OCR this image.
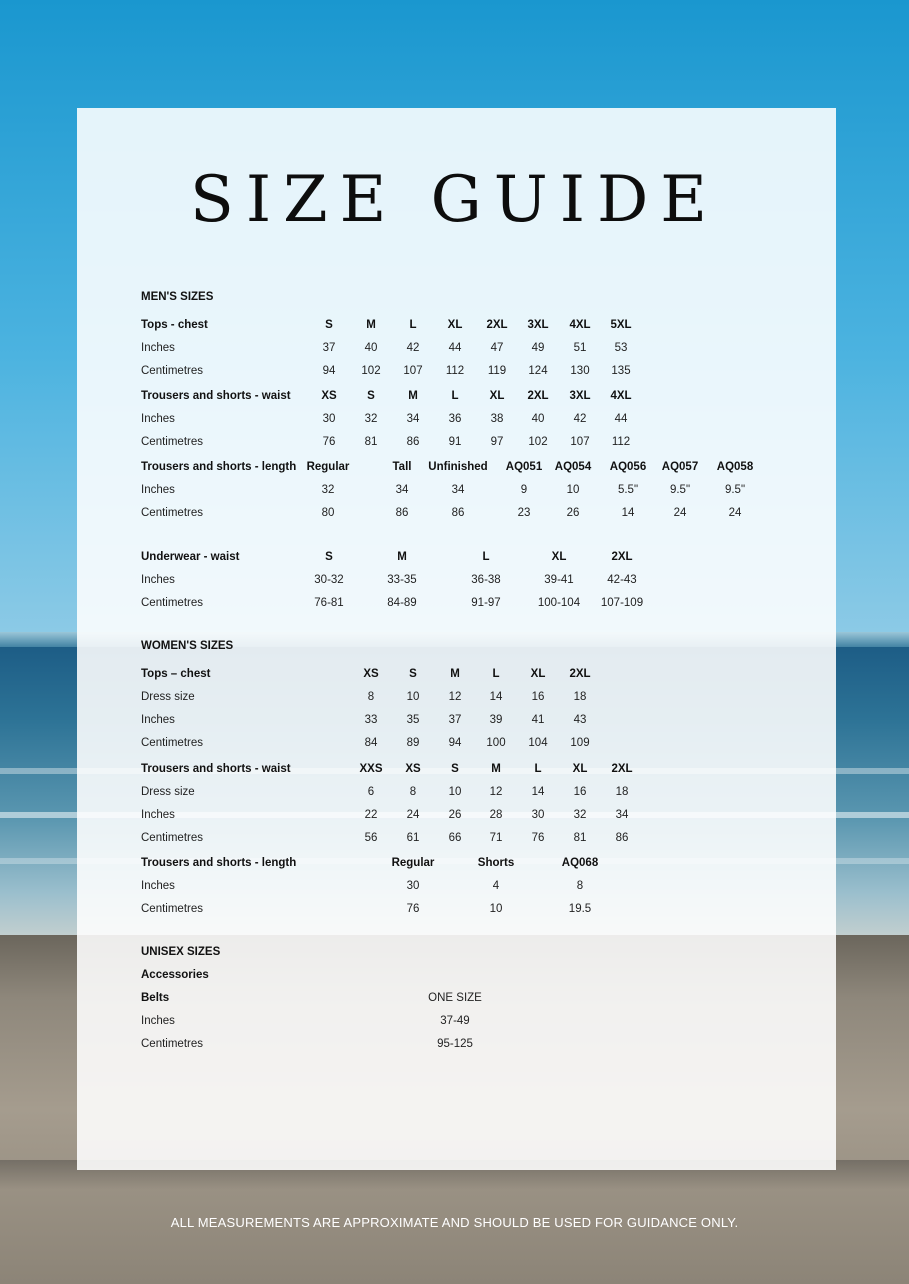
SIZE GUIDE
MEN'S SIZES
Tops - chest	S	M	L	XL 2XL 3XL 4XL 5XL
Inches	37	40	42	44	47 49	51 53
Centimetres	94 102 107 112 119 124 130 135
Trousers and shorts - waist	XS	S	M	L	XL 2XL 3XL 4XL
Inches	30	32	34	36	38 40	42 44
Centimetres	76	81	86	91	97 102 107 112
Trousers and shorts - length Regular	Tall Unfinished AQ051 AQ054 AQ056 AQ057 AQ058
Inches	32	34	34	9	10	5.5"	9.5"	9.5"
Centimetres	80	86	86	23	26	14	24	24
Underwear - waist	S	M	L	XL	2XL
Inches	30-32	33-35	36-38	39-41	42-43
Centimetres	76-81	84-89	91-97	100-104 107-109
WOMEN'S SIZES
Tops – chest	XS	S	M	L	XL 2XL
Dress size	8	10	12 14	16	18
Inches	33	35	37 39	41	43
Centimetres	84	89	94 100 104 109
Trousers and shorts - waist	XXS XS	S	M	L	XL 2XL
Dress size	6	8	10 12	14	16	18
Inches	22	24	26 28	30	32	34
Centimetres	56	61	66 71	76	81	86
Trousers and shorts - length	Regular	Shorts	AQ068
Inches	30	4	8
Centimetres	76	10	19.5
UNISEX SIZES
Accessories
Belts	ONE SIZE
Inches	37-49
Centimetres	95-125
ALL MEASUREMENTS ARE APPROXIMATE AND SHOULD BE USED FOR GUIDANCE ONLY.
